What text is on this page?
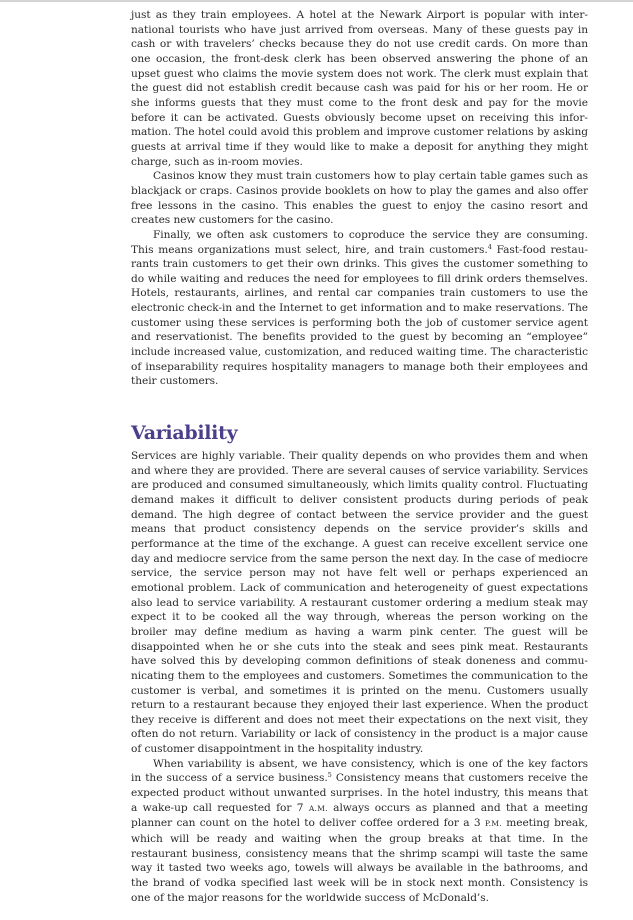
just as they train employees. A hotel at the Newark Airport is popular with international tourists who have just arrived from overseas. Many of these guests pay in cash or with travelers’ checks because they do not use credit cards. On more than one occasion, the front-desk clerk has been observed answering the phone of an upset guest who claims the movie system does not work. The clerk must explain that the guest did not establish credit because cash was paid for his or her room. He or she informs guests that they must come to the front desk and pay for the movie before it can be activated. Guests obviously become upset on receiving this information. The hotel could avoid this problem and improve customer relations by asking guests at arrival time if they would like to make a deposit for anything they might charge, such as in-room movies.

Casinos know they must train customers how to play certain table games such as blackjack or craps. Casinos provide booklets on how to play the games and also offer free lessons in the casino. This enables the guest to enjoy the casino resort and creates new customers for the casino.

Finally, we often ask customers to coproduce the service they are consuming. This means organizations must select, hire, and train customers.$^4$ Fast-food restaurants train customers to get their own drinks. This gives the customer something to do while waiting and reduces the need for employees to fill drink orders themselves. Hotels, restaurants, airlines, and rental car companies train customers to use the electronic check-in and the Internet to get information and to make reservations. The customer using these services is performing both the job of customer service agent and reservationist. The benefits provided to the guest by becoming an “employee” include increased value, customization, and reduced waiting time. The characteristic of inseparability requires hospitality managers to manage both their employees and their customers.

Variability

Services are highly variable. Their quality depends on who provides them and when and where they are provided. There are several causes of service variability. Services are produced and consumed simultaneously, which limits quality control. Fluctuating demand makes it difficult to deliver consistent products during periods of peak demand. The high degree of contact between the service provider and the guest means that product consistency depends on the service provider’s skills and performance at the time of the exchange. A guest can receive excellent service one day and mediocre service from the same person the next day. In the case of mediocre service, the service person may not have felt well or perhaps experienced an emotional problem. Lack of communication and heterogeneity of guest expectations also lead to service variability. A restaurant customer ordering a medium steak may expect it to be cooked all the way through, whereas the person working on the broiler may define medium as having a warm pink center. The guest will be disappointed when he or she cuts into the steak and sees pink meat. Restaurants have solved this by developing common definitions of steak doneness and communicating them to the employees and customers. Sometimes the communication to the customer is verbal, and sometimes it is printed on the menu. Customers usually return to a restaurant because they enjoyed their last experience. When the product they receive is different and does not meet their expectations on the next visit, they often do not return. Variability or lack of consistency in the product is a major cause of customer disappointment in the hospitality industry.

When variability is absent, we have consistency, which is one of the key factors in the success of a service business.$^5$ Consistency means that customers receive the expected product without unwanted surprises. In the hotel industry, this means that a wake-up call requested for 7 A.M. always occurs as planned and that a meeting planner can count on the hotel to deliver coffee ordered for a 3 P.M. meeting break, which will be ready and waiting when the group breaks at that time. In the restaurant business, consistency means that the shrimp scampi will taste the same way it tasted two weeks ago, towels will always be available in the bathrooms, and the brand of vodka specified last week will be in stock next month. Consistency is one of the major reasons for the worldwide success of McDonald’s.
